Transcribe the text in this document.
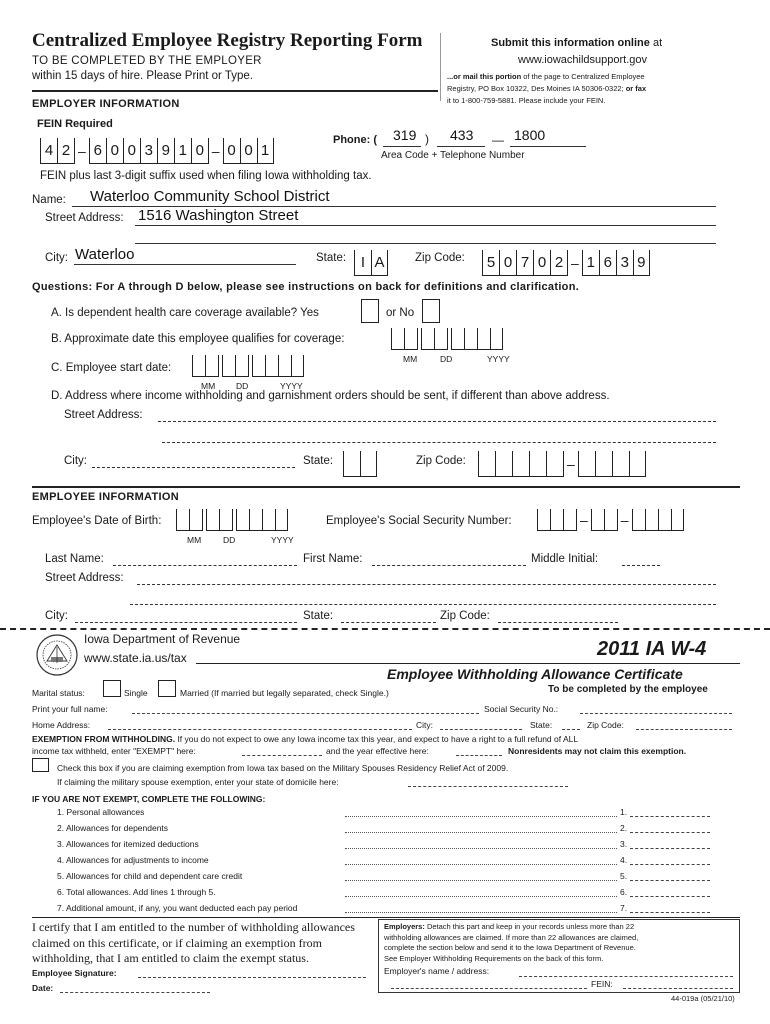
Centralized Employee Registry Reporting Form
TO BE COMPLETED BY THE EMPLOYER
within 15 days of hire. Please Print or Type.
Submit this information online at
www.iowachildsupport.gov
...or mail this portion of the page to Centralized Employee
Registry, PO Box 10322, Des Moines IA 50306-0322; or fax
it to 1-800-759-5881. Please include your FEIN.
EMPLOYER INFORMATION
FEIN Required
4 2 – 6 0 0 3 9 1 0 – 0 0 1
Phone: ( 319 ) 433 — 1800
Area Code + Telephone Number
FEIN plus last 3-digit suffix used when filing Iowa withholding tax.
Name: Waterloo Community School District
Street Address: 1516 Washington Street
City: Waterloo	State: I A	Zip Code:	5 0 7 0 2 – 1 6 3 9
Questions: For A through D below, please see instructions on back for definitions and clarification.
A. Is dependent health care coverage available? Yes	or No
B. Approximate date this employee qualifies for coverage:
MM	DD	YYYY
C. Employee start date:
MM DD	YYYY
D. Address where income withholding and garnishment orders should be sent, if different than above address.
Street Address:
City:	State:	Zip Code:	–
EMPLOYEE INFORMATION
Employee's Date of Birth:
MM	DD	YYYY
Employee's Social Security Number:	– –
Last Name:	First Name:	Middle Initial:
Street Address:
City:	State:	Zip Code:
Iowa Department of Revenue
www.state.ia.us/tax	2011 IA W-4
Employee Withholding Allowance Certificate
To be completed by the employee
Marital status:	Single	Married (If married but legally separated, check Single.)
Print your full name:	Social Security No.:
Home Address:	City:	State:	Zip Code:
EXEMPTION FROM WITHHOLDING. If you do not expect to owe any Iowa income tax this year, and expect to have a right to a full refund of ALL
income tax withheld, enter "EXEMPT" here:	and the year effective here:	Nonresidents may not claim this exemption.
Check this box if you are claiming exemption from Iowa tax based on the Military Spouses Residency Relief Act of 2009.
If claiming the military spouse exemption, enter your state of domicile here:
IF YOU ARE NOT EXEMPT, COMPLETE THE FOLLOWING:
1. Personal allowances	1.
2. Allowances for dependents	2.
3. Allowances for itemized deductions	3.
4. Allowances for adjustments to income	4.
5. Allowances for child and dependent care credit	5.
6. Total allowances. Add lines 1 through 5.	6.
7. Additional amount, if any, you want deducted each pay period	7.
I certify that I am entitled to the number of withholding allowances
claimed on this certificate, or if claiming an exemption from
withholding, that I am entitled to claim the exempt status.
Employee Signature:
Date:
Employers: Detach this part and keep in your records unless more than 22
withholding allowances are claimed. If more than 22 allowances are claimed,
complete the section below and send it to the Iowa Department of Revenue.
See Employer Withholding Requirements on the back of this form.
Employer's name / address:
FEIN:
44-019a (05/21/10)
